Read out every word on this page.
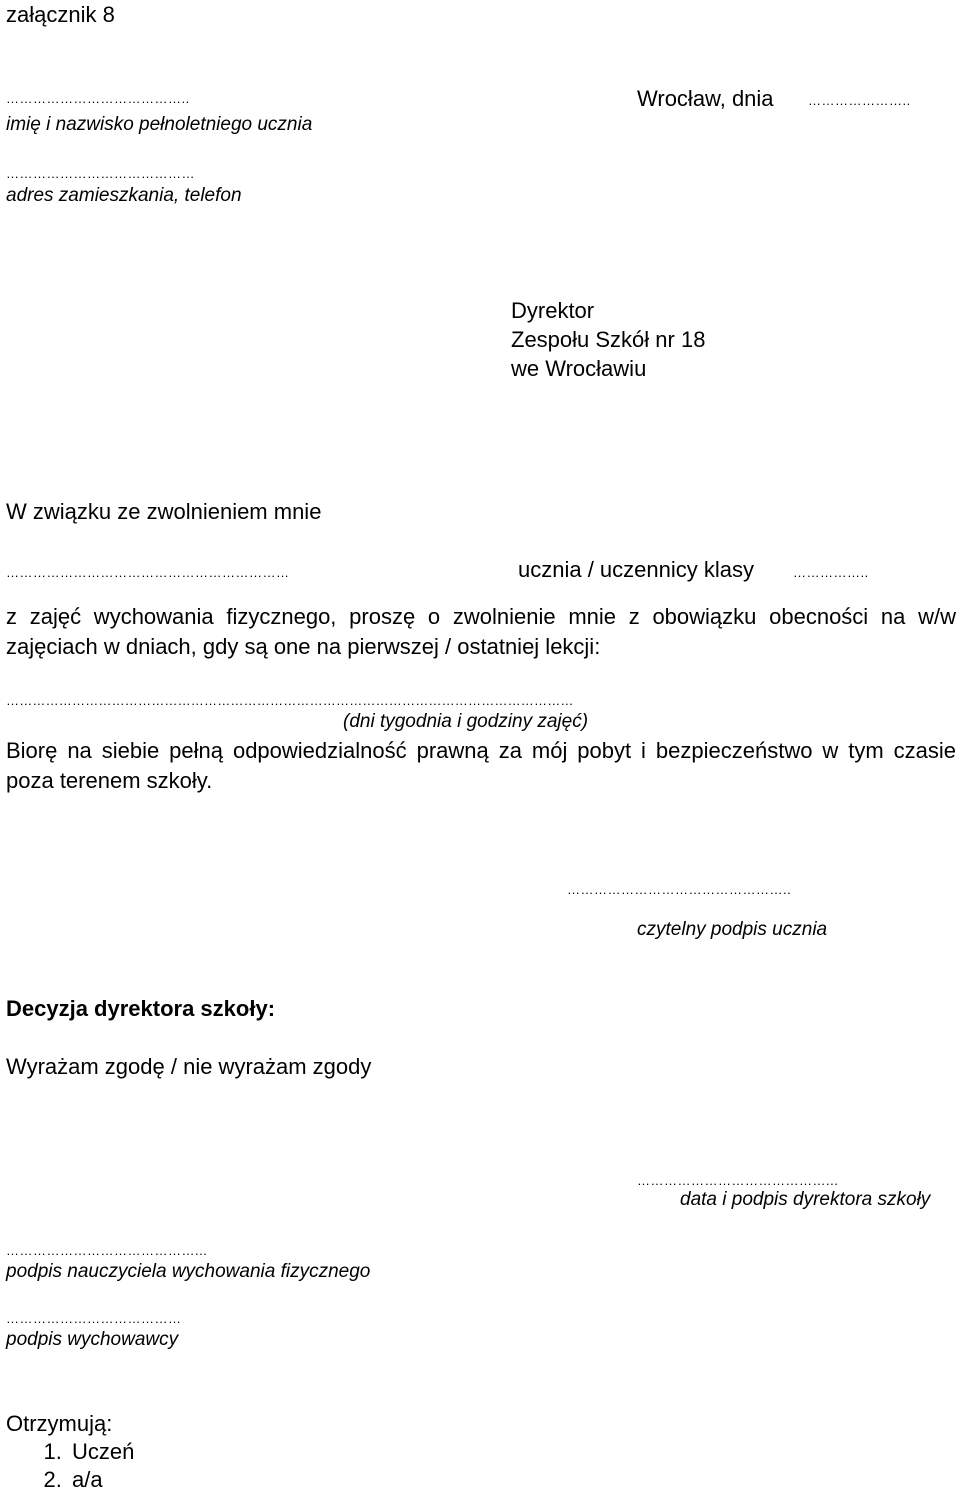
załącznik 8
…………………………………..
imię i nazwisko pełnoletniego ucznia
Wrocław, dnia	…………………..
……………………………………
adres zamieszkania, telefon
Dyrektor
Zespołu Szkół nr 18
we Wrocławiu
W związku ze zwolnieniem mnie
………………………………………………………	ucznia / uczennicy klasy	……………..
z zajęć wychowania fizycznego, proszę o zwolnienie mnie z obowiązku obecności na w/w zajęciach w dniach, gdy są one na pierwszej / ostatniej lekcji:
…………………………………………………………………………………………………………………
(dni tygodnia i godziny zajęć)
Biorę na siebie pełną odpowiedzialność prawną za mój pobyt i bezpieczeństwo w tym czasie poza terenem szkoły.
…………………………………………..
czytelny podpis ucznia
Decyzja dyrektora szkoły:
Wyrażam zgodę / nie wyrażam zgody
……………………………………...
data i podpis dyrektora szkoły
……………………………………...
podpis nauczyciela wychowania fizycznego
…………………………………
podpis wychowawcy
Otrzymują:
1. Uczeń
2. a/a
